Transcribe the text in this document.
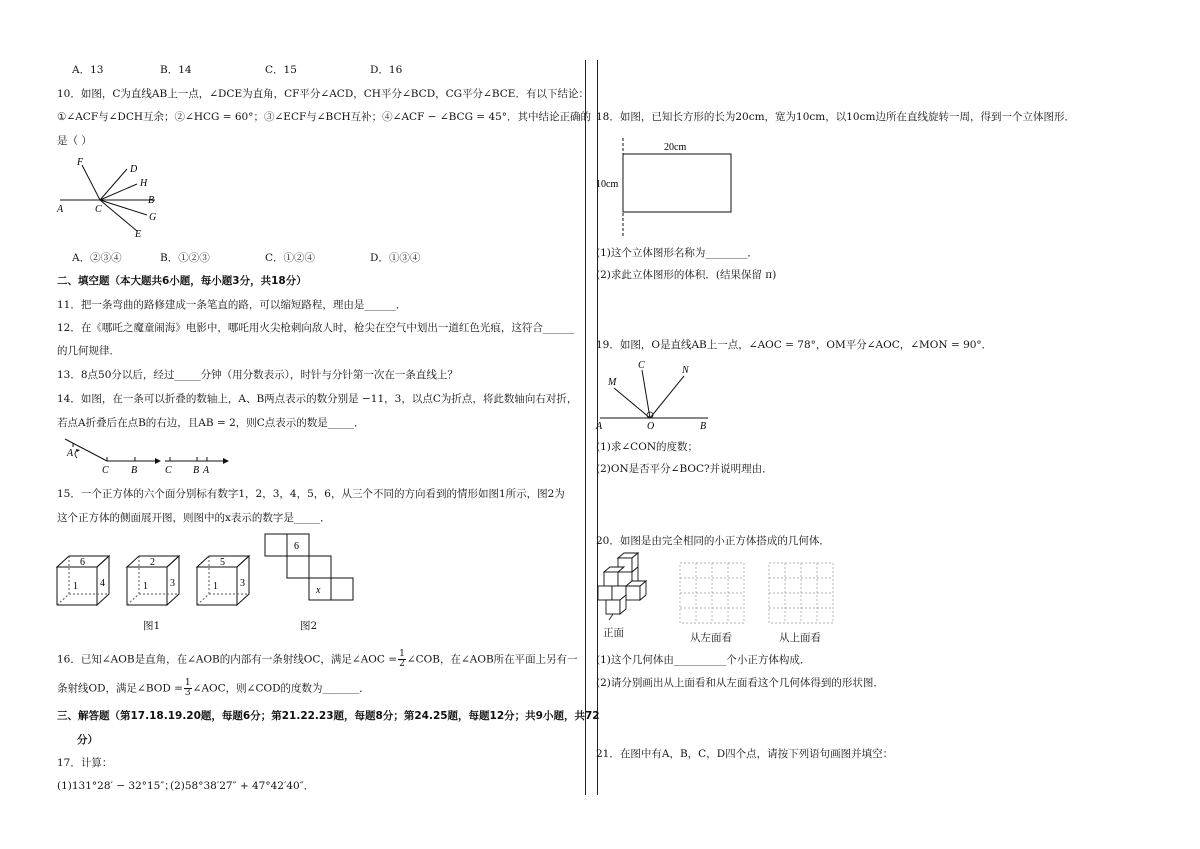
A．13	B．14	C．15	D．16
10．如图，C为直线AB上一点，∠DCE为直角，CF平分∠ACD，CH平分∠BCD，CG平分∠BCE．有以下结论：
①∠ACF与∠DCH互余；②∠HCG = 60°；③∠ECF与∠BCH互补；④∠ACF − ∠BCG = 45°．其中结论正确的
是（ ）
F
D
H
A	C
B
G
E
A．②③④	B．①②③	C．①②④	D．①③④
二、填空题（本大题共6小题，每小题3分，共18分）
11．把一条弯曲的路修建成一条笔直的路，可以缩短路程，理由是______．
12．在《哪吒之魔童闹海》电影中，哪吒用火尖枪刺向敌人时，枪尖在空气中划出一道红色光痕，这符合______
的几何规律．
13．8点50分以后，经过_____分钟（用分数表示），时针与分针第一次在一条直线上？
14．如图，在一条可以折叠的数轴上，A、B两点表示的数分别是 −11，3，以点C为折点，将此数轴向右对折，
若点A折叠后在点B的右边，且AB = 2，则C点表示的数是_____．
A
C B	C B A
15．一个正方体的六个面分别标有数字1，2，3，4，5，6，从三个不同的方向看到的情形如图1所示，图2为
这个正方体的侧面展开图，则图中的x表示的数字是_____．
6
1 4
2
1 3
5
1 3
6
x
图1	图2
16．已知∠AOB是直角，在∠AOB的内部有一条射线OC，满足∠AOC = $\frac{1}{2}$ ∠COB，在∠AOB所在平面上另有一
条射线OD，满足∠BOD = $\frac{1}{3}$ ∠AOC，则∠COD的度数为_______．
三、解答题（第17.18.19.20题，每题6分；第21.22.23题，每题8分；第24.25题，每题12分；共9小题，共72
分）
17．计算：
(1)131°28′ − 32°15″；
(2)58°38′27″ + 47°42′40″．
18．如图，已知长方形的长为20cm，宽为10cm，以10cm边所在直线旋转一周，得到一个立体图形．
20cm
10cm
(1)这个立体图形名称为________．
(2)求此立体图形的体积．(结果保留 π)
19．如图，O是直线AB上一点，∠AOC = 78°，OM平分∠AOC，∠MON = 90°．
M
C	N
A	O	B
(1)求∠CON的度数；
(2)ON是否平分∠BOC?并说明理由．
20．如图是由完全相同的小正方体搭成的几何体．
正面	从左面看	从上面看
(1)这个几何体由__________个小正方体构成．
(2)请分别画出从上面看和从左面看这个几何体得到的形状图．
21．在图中有A，B，C，D四个点，请按下列语句画图并填空：
